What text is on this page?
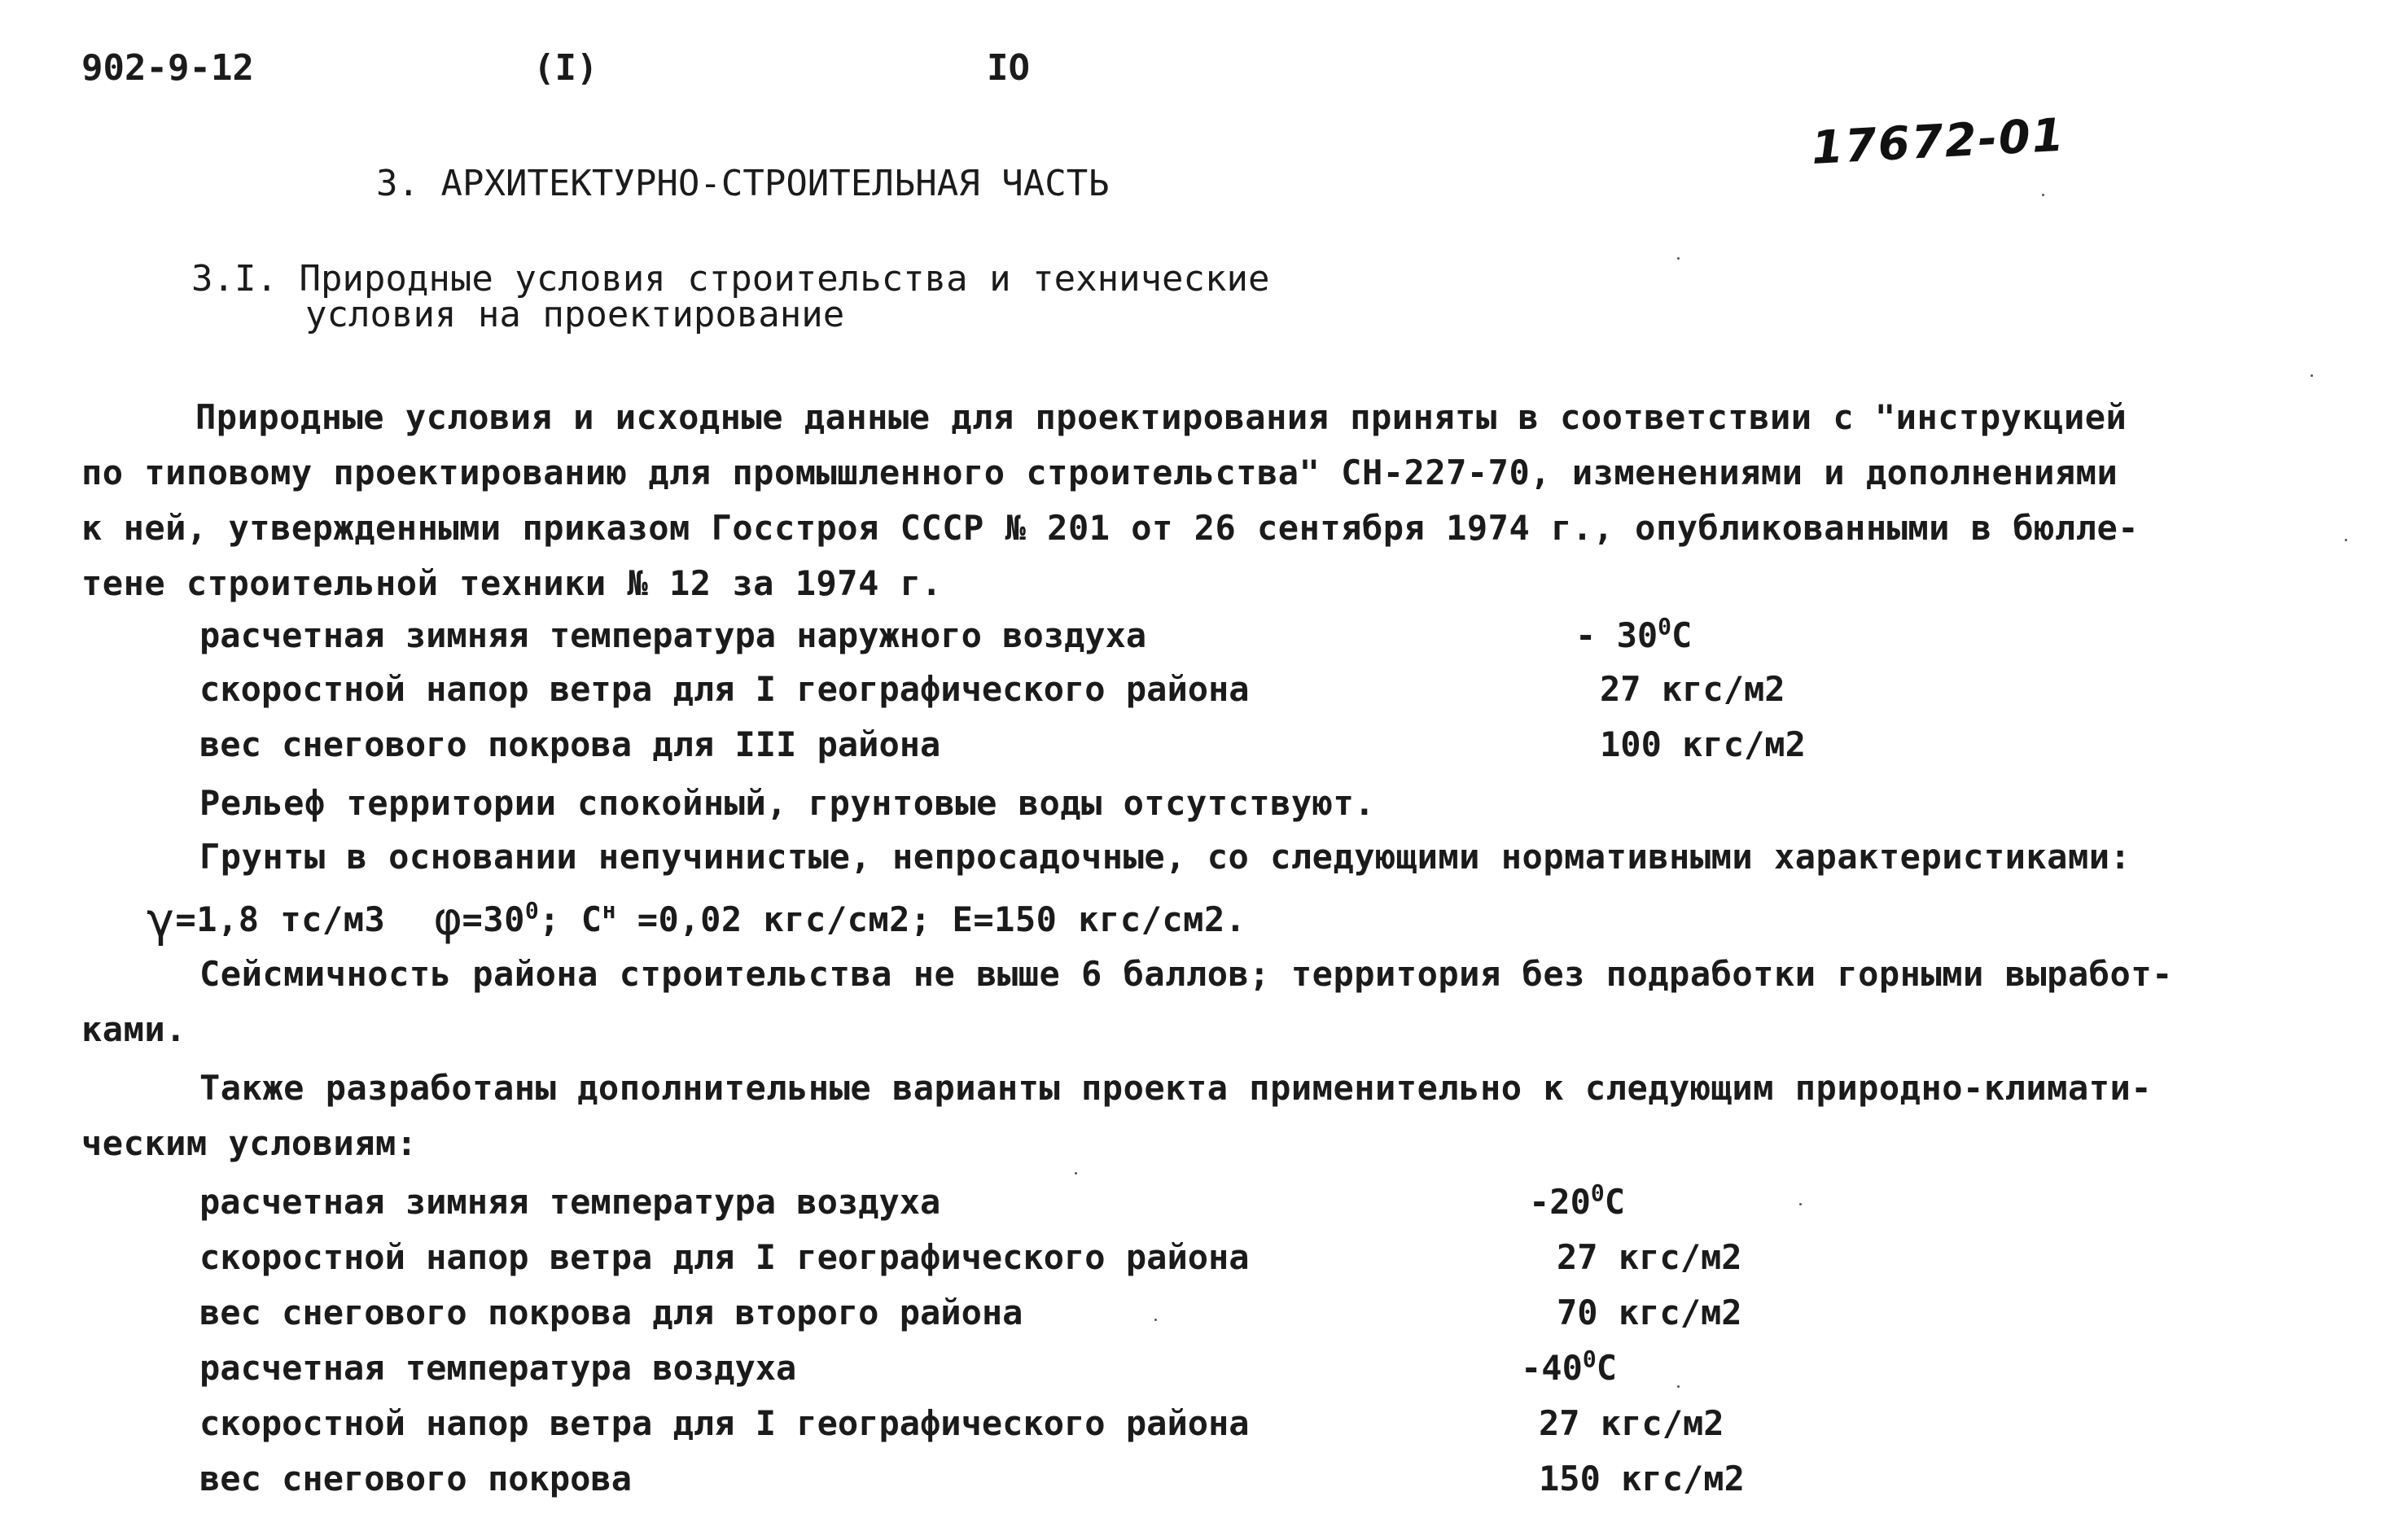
902-9-12	(I)	IO
17672-01
3. АРХИТЕКТУРНО-СТРОИТЕЛЬНАЯ ЧАСТЬ
3.I. Природные условия строительства и технические
условия на проектирование
Природные условия и исходные данные для проектирования приняты в соответствии с "инструкцией
по типовому проектированию для промышленного строительства" СН-227-70, изменениями и дополнениями
к ней, утвержденными приказом Госстроя СССР № 201 от 26 сентября 1974 г., опубликованными в бюлле-
тене строительной техники № 12 за 1974 г.
расчетная зимняя температура наружного воздуха	- $30^0С$
скоростной напор ветра для I географического района	27 кгс/м2
вес снегового покрова для III района	100 кгс/м2
Рельеф территории спокойный, грунтовые воды отсутствуют.
Грунты в основании непучинистые, непросадочные, со следующими нормативными характеристиками:
γ=1,8 тс/м3 $\varphi=30^0$; $С^н =0,02$ кгс/см2; Е=150 кгс/см2.
Сейсмичность района строительства не выше 6 баллов; территория без подработки горными выработ-
ками.
Также разработаны дополнительные варианты проекта применительно к следующим природно-климати-
ческим условиям:
расчетная зимняя температура воздуха	$-20^0С$
скоростной напор ветра для I географического района	27 кгс/м2
вес снегового покрова для второго района	70 кгс/м2
расчетная температура воздуха	$-40^0С$
скоростной напор ветра для I географического района	27 кгс/м2
вес снегового покрова	150 кгс/м2
